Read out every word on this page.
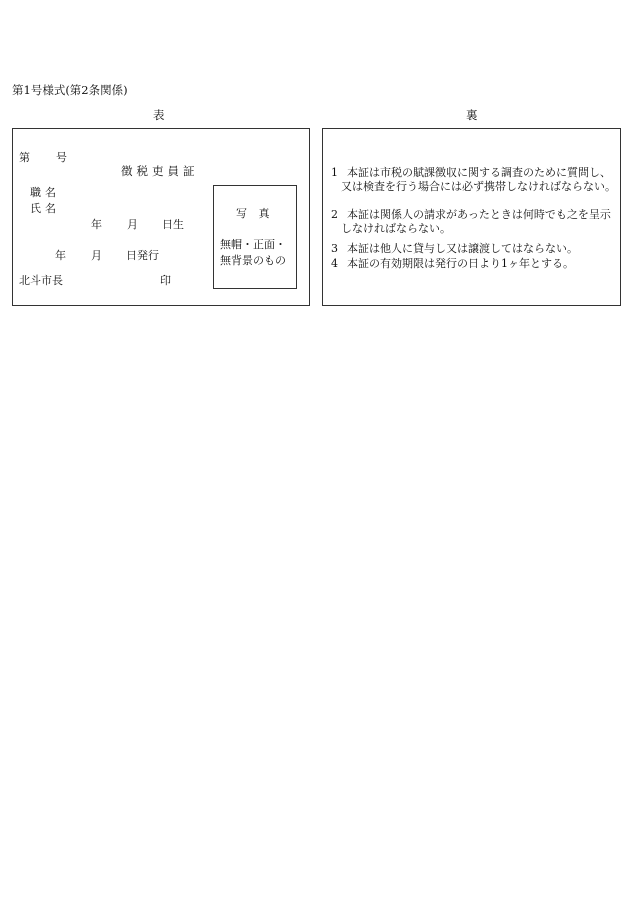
第1号様式(第2条関係)
表	裏
第 号
徴税吏員証
職名
氏名
年 月 日生
年 月 日発行
北斗市長	印
写 真
無帽・正面・
無背景のもの
1 本証は市税の賦課徴収に関する調査のために質問し、又は検査を行う場合には必ず携帯しなければならない。
2 本証は関係人の請求があったときは何時でも之を呈示しなければならない。
3 本証は他人に貸与し又は譲渡してはならない。
4 本証の有効期限は発行の日より1ヶ年とする。
